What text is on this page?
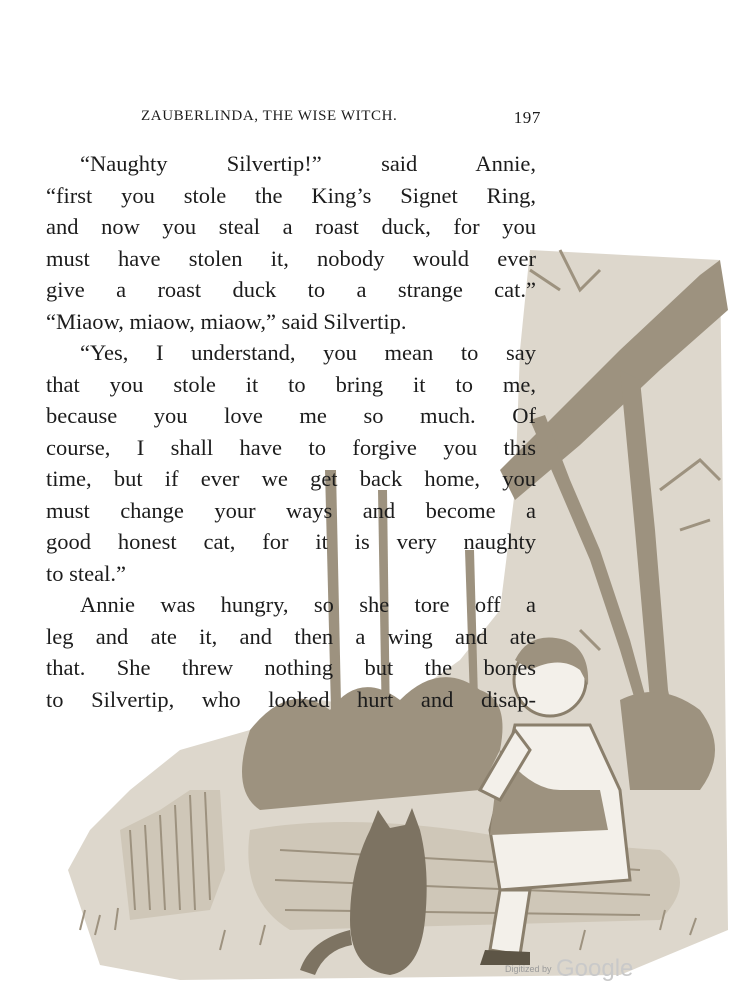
ZAUBERLINDA, THE WISE WITCH.	197
“Naughty Silvertip!” said Annie,
“first you stole the King’s Signet Ring,
and now you steal a roast duck, for you
must have stolen it, nobody would ever
give a roast duck to a strange cat.”
“Miaow, miaow, miaow,” said Silvertip.
“Yes, I understand, you mean to say
that you stole it to bring it to me,
because you love me so much. Of
course, I shall have to forgive you this
time, but if ever we get back home, you
must change your ways and become a
good honest cat, for it is very naughty
to steal.”
Annie was hungry, so she tore off a
leg and ate it, and then a wing and ate
that. She threw nothing but the bones
to Silvertip, who looked hurt and disap-
Digitized by Google
